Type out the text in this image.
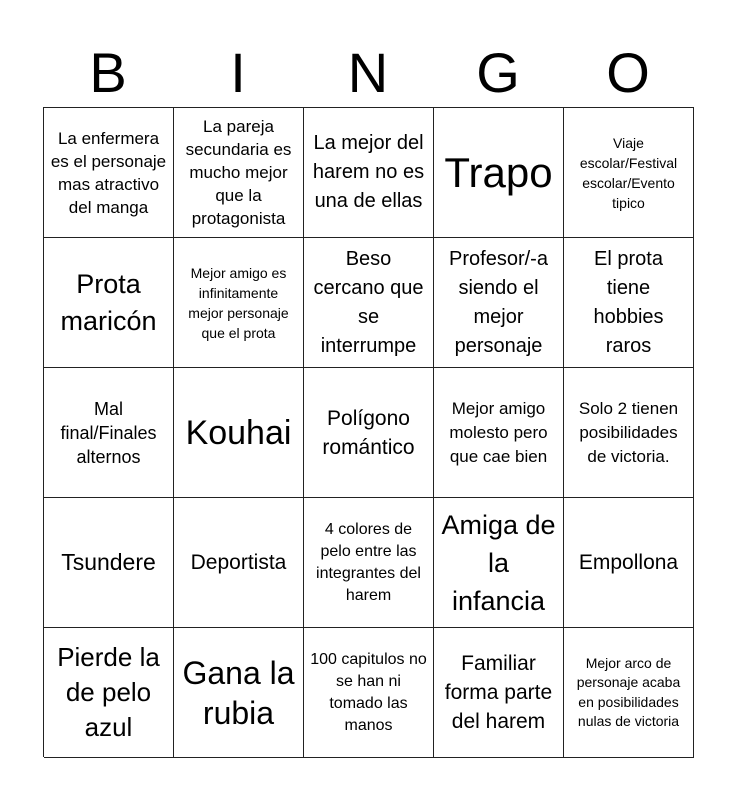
B	I	N	G	O
La enfermera es el personaje mas atractivo del manga
La pareja secundaria es mucho mejor que la protagonista
La mejor del harem no es una de ellas
Trapo
Viaje escolar/Festival escolar/Evento tipico
Prota maricón
Mejor amigo es infinitamente mejor personaje que el prota
Beso cercano que se interrumpe
Profesor/-a siendo el mejor personaje
El prota tiene hobbies raros
Mal final/Finales alternos
Kouhai	Polígono romántico
Mejor amigo molesto pero que cae bien
Solo 2 tienen posibilidades de victoria.
Tsundere Deportista
4 colores de pelo entre las integrantes del harem
Amiga de la infancia
Empollona
Pierde la de pelo azul
Gana la rubia
100 capitulos no se han ni tomado las manos
Familiar forma parte del harem
Mejor arco de personaje acaba en posibilidades nulas de victoria
